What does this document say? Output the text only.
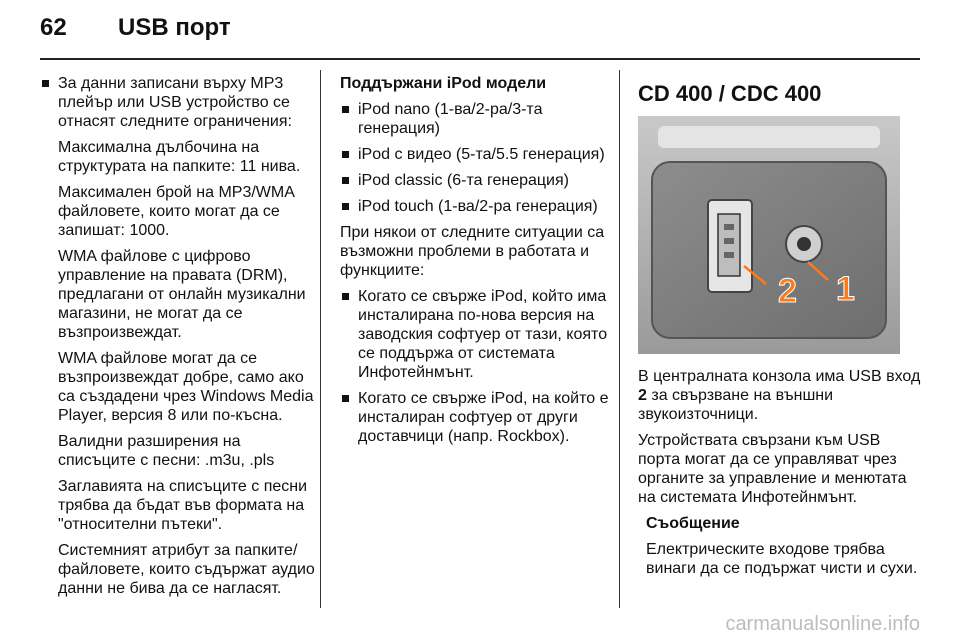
62 USB порт

За данни записани върху MP3 плейър или USB устройство се отнасят следните ограничения:

Максимална дълбочина на структурата на папките: 11 нива.

Максимален брой на MP3/WMA файловете, които могат да се запишат: 1000.

WMA файлове с цифрово управление на правата (DRM), предлагани от онлайн музикални магазини, не могат да се възпроизвеждат.

WMA файлове могат да се възпроизвеждат добре, само ако са създадени чрез Windows Media Player, версия 8 или по-късна.

Валидни разширения на списъците с песни: .m3u, .pls

Заглавията на списъците с песни трябва да бъдат във формата на "относителни пътеки".

Системният атрибут за папките/файловете, които съдържат аудио данни не бива да се нагласят.

Поддържани iPod модели

iPod nano (1-ва/2-ра/3-та генерация)

iPod с видео (5-та/5.5 генерация)

iPod classic (6-та генерация)

iPod touch (1-ва/2-ра генерация)

При някои от следните ситуации са възможни проблеми в работата и функциите:

Когато се свърже iPod, който има инсталирана по-нова версия на заводския софтуер от тази, която се поддържа от системата Инфотейнмънт.

Когато се свърже iPod, на който е инсталиран софтуер от други доставчици (напр. Rockbox).

CD 400 / CDC 400
2 1

В централната конзола има USB вход 2 за свързване на външни звукоизточници.

Устройствата свързани към USB порта могат да се управляват чрез органите за управление и менютата на системата Инфотейнмънт.

Съобщение

Електрическите входове трябва винаги да се подържат чисти и сухи.

carmanualsonline.info
